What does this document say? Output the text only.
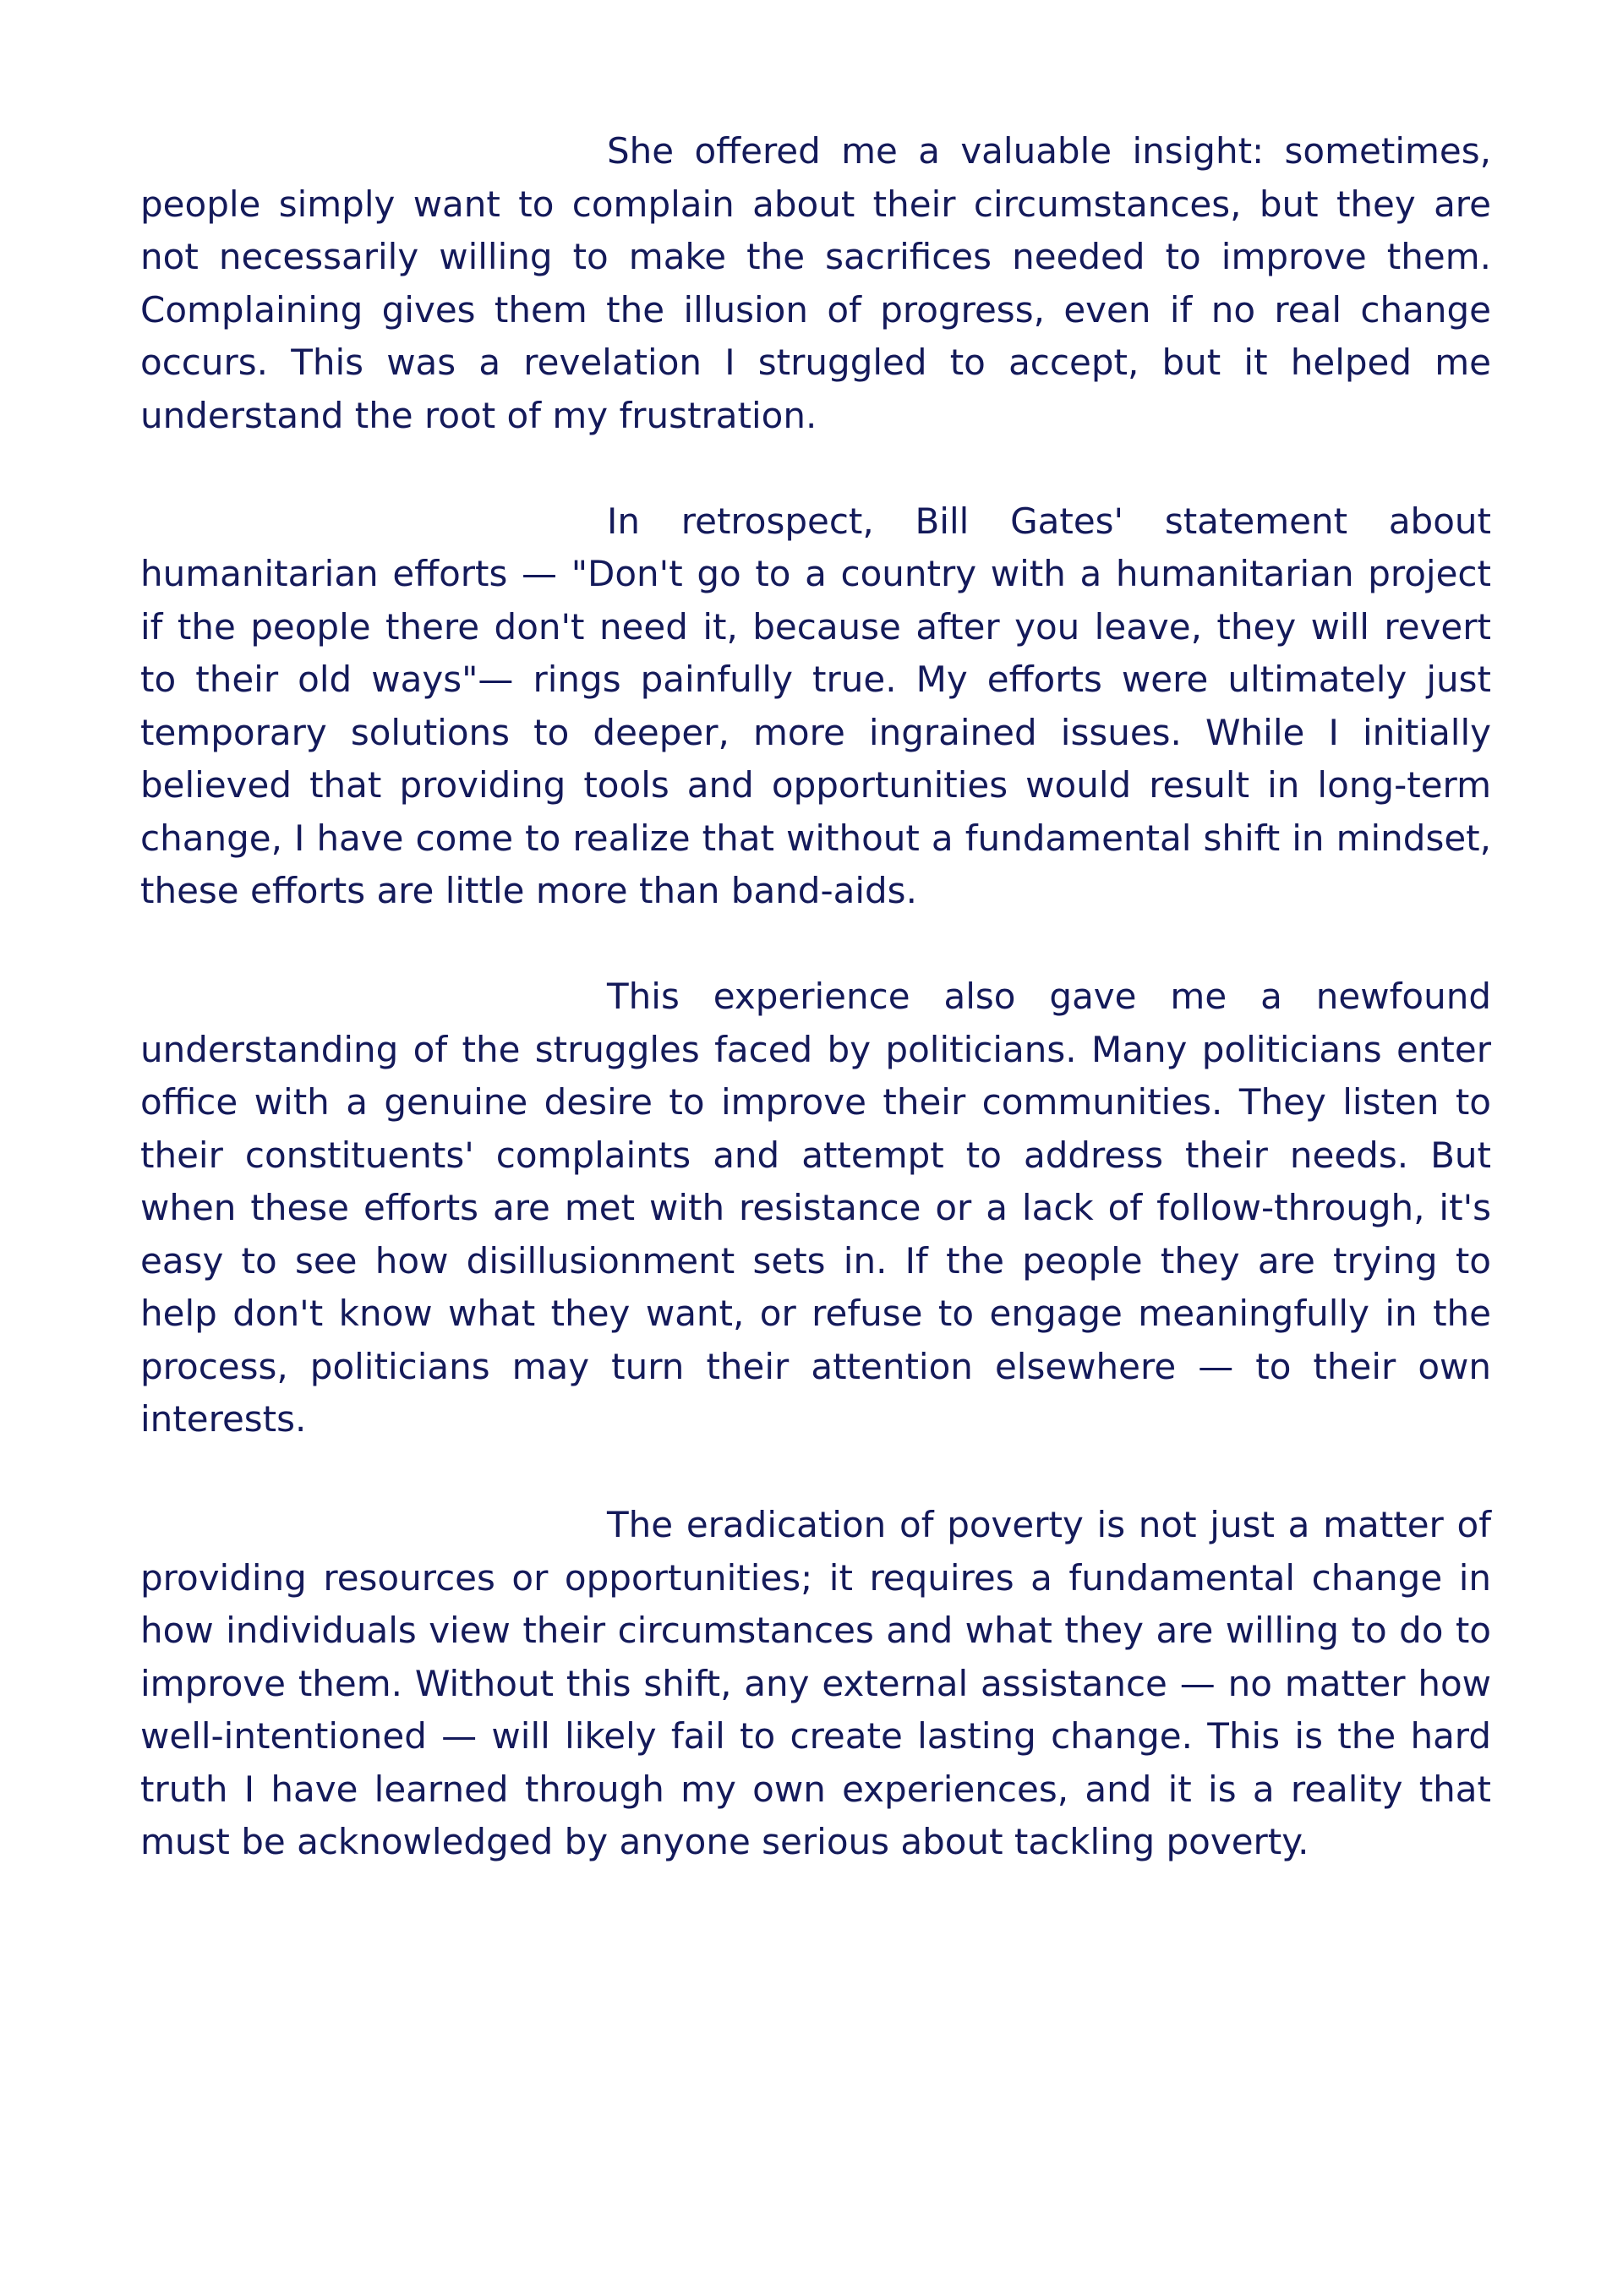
She offered me a valuable insight: sometimes, people simply want to complain about their circumstances, but they are not necessarily willing to make the sacrifices needed to improve them. Complaining gives them the illusion of progress, even if no real change occurs. This was a revelation I struggled to accept, but it helped me understand the root of my frustration.

In retrospect, Bill Gates' statement about humanitarian efforts — "Don't go to a country with a humanitarian project if the people there don't need it, because after you leave, they will revert to their old ways"— rings painfully true. My efforts were ultimately just temporary solutions to deeper, more ingrained issues. While I initially believed that providing tools and opportunities would result in long-term change, I have come to realize that without a fundamental shift in mindset, these efforts are little more than band-aids.

This experience also gave me a newfound understanding of the struggles faced by politicians. Many politicians enter office with a genuine desire to improve their communities. They listen to their constituents' complaints and attempt to address their needs. But when these efforts are met with resistance or a lack of follow-through, it's easy to see how disillusionment sets in. If the people they are trying to help don't know what they want, or refuse to engage meaningfully in the process, politicians may turn their attention elsewhere — to their own interests.

The eradication of poverty is not just a matter of providing resources or opportunities; it requires a fundamental change in how individuals view their circumstances and what they are willing to do to improve them. Without this shift, any external assistance — no matter how well-intentioned — will likely fail to create lasting change. This is the hard truth I have learned through my own experiences, and it is a reality that must be acknowledged by anyone serious about tackling poverty.
